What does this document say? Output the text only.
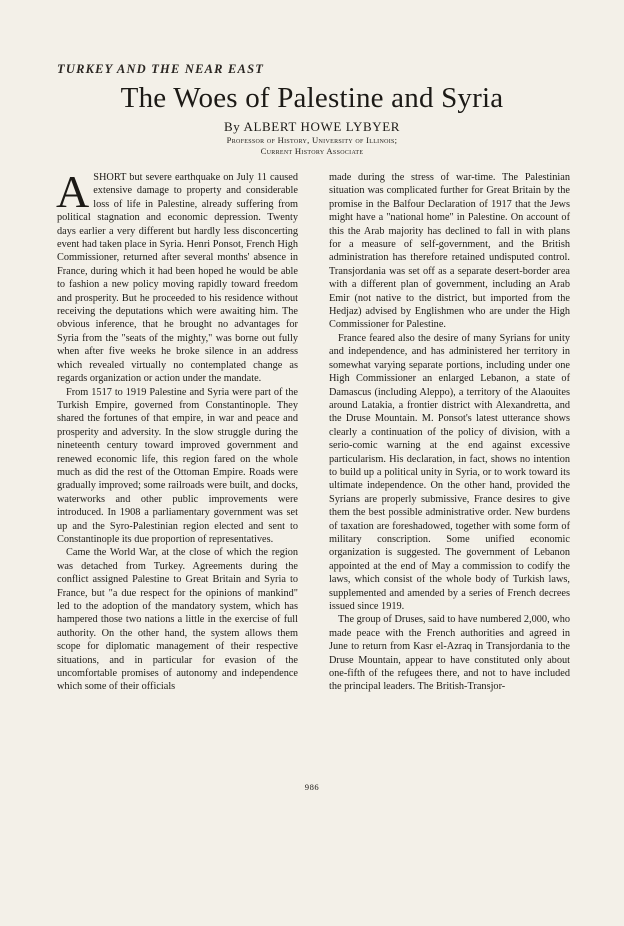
TURKEY AND THE NEAR EAST
The Woes of Palestine and Syria
By ALBERT HOWE LYBYER
Professor of History, University of Illinois;
Current History Associate

ASHORT but severe earthquake on July 11 caused extensive damage to property and considerable loss of life in Palestine, already suffering from political stagnation and economic depression. Twenty days earlier a very different but hardly less disconcerting event had taken place in Syria. Henri Ponsot, French High Commissioner, returned after several months' absence in France, during which it had been hoped he would be able to fashion a new policy moving rapidly toward freedom and prosperity. But he proceeded to his residence without receiving the deputations which were awaiting him. The obvious inference, that he brought no advantages for Syria from the "seats of the mighty," was borne out fully when after five weeks he broke silence in an address which revealed virtually no contemplated change as regards organization or action under the mandate.

From 1517 to 1919 Palestine and Syria were part of the Turkish Empire, governed from Constantinople. They shared the fortunes of that empire, in war and peace and prosperity and adversity. In the slow struggle during the nineteenth century toward improved government and renewed economic life, this region fared on the whole much as did the rest of the Ottoman Empire. Roads were gradually improved; some railroads were built, and docks, waterworks and other public improvements were introduced. In 1908 a parliamentary government was set up and the Syro-Palestinian region elected and sent to Constantinople its due proportion of representatives.

Came the World War, at the close of which the region was detached from Turkey. Agreements during the conflict assigned Palestine to Great Britain and Syria to France, but "a due respect for the opinions of mankind" led to the adoption of the mandatory system, which has hampered those two nations a little in the exercise of full authority. On the other hand, the system allows them scope for diplomatic management of their respective situations, and in particular for evasion of the uncomfortable promises of autonomy and independence which some of their officials

made during the stress of war-time. The Palestinian situation was complicated further for Great Britain by the promise in the Balfour Declaration of 1917 that the Jews might have a "national home" in Palestine. On account of this the Arab majority has declined to fall in with plans for a measure of self-government, and the British administration has therefore retained undisputed control. Transjordania was set off as a separate desert-border area with a different plan of government, including an Arab Emir (not native to the district, but imported from the Hedjaz) advised by Englishmen who are under the High Commissioner for Palestine.

France feared also the desire of many Syrians for unity and independence, and has administered her territory in somewhat varying separate portions, including under one High Commissioner an enlarged Lebanon, a state of Damascus (including Aleppo), a territory of the Alaouites around Latakia, a frontier district with Alexandretta, and the Druse Mountain. M. Ponsot's latest utterance shows clearly a continuation of the policy of division, with a serio-comic warning at the end against excessive particularism. His declaration, in fact, shows no intention to build up a political unity in Syria, or to work toward its ultimate independence. On the other hand, provided the Syrians are properly submissive, France desires to give them the best possible administrative order. New burdens of taxation are foreshadowed, together with some form of military conscription. Some unified economic organization is suggested. The government of Lebanon appointed at the end of May a commission to codify the laws, which consist of the whole body of Turkish laws, supplemented and amended by a series of French decrees issued since 1919.

The group of Druses, said to have numbered 2,000, who made peace with the French authorities and agreed in June to return from Kasr el-Azraq in Transjordania to the Druse Mountain, appear to have constituted only about one-fifth of the refugees there, and not to have included the principal leaders. The British-Transjor-

986
